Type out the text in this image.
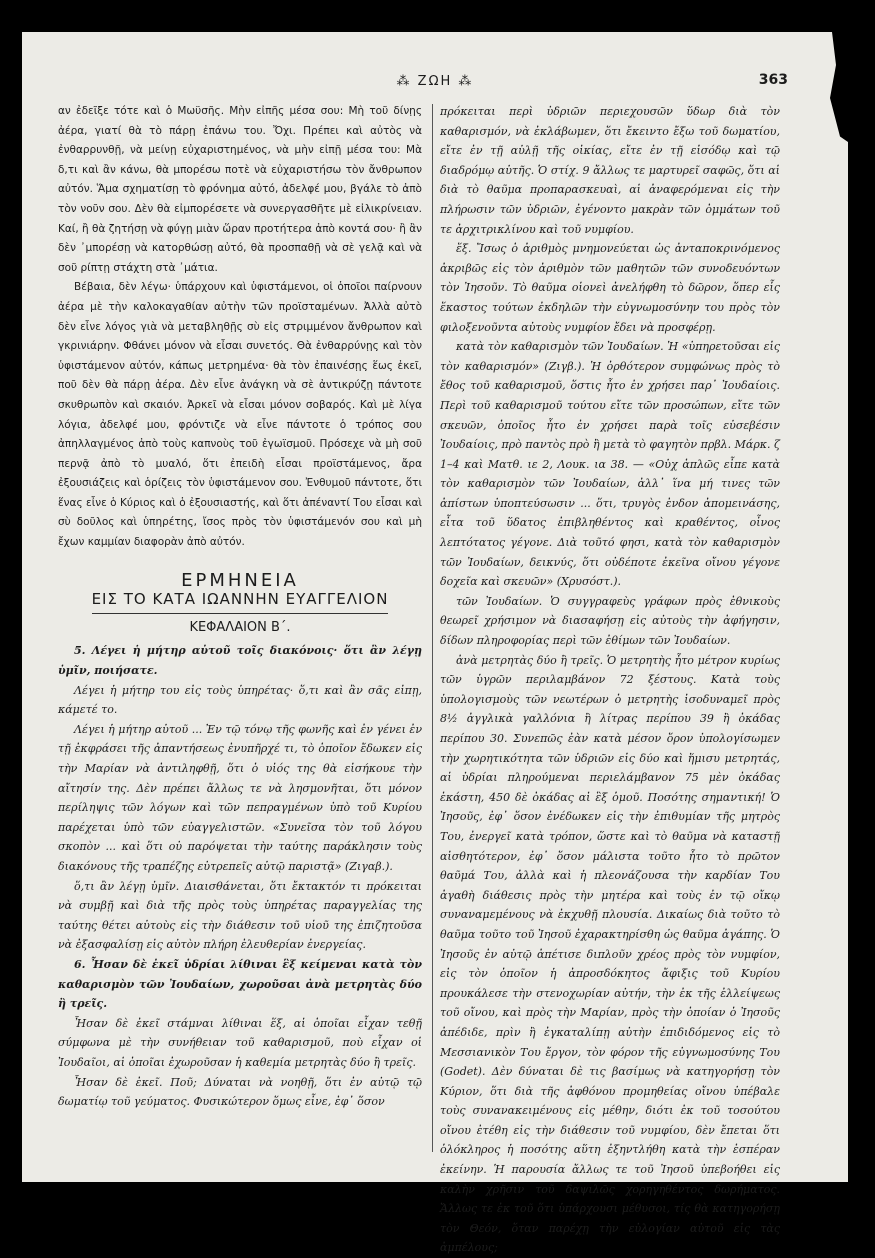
⁂ ΖΩΗ ⁂	363

αν ἐδεῖξε τότε καὶ ὁ Μωϋσῆς. Μὴν εἰπῆς μέσα σου: Μὴ τοῦ δίνῃς ἀέρα, γιατί θὰ τὸ πάρῃ ἐπάνω του. Ὄχι. Πρέπει καὶ αὐτὸς νὰ ἐνθαρρυνθῇ, νὰ μείνῃ εὐχαριστημένος, νὰ μὴν εἰπῇ μέσα του: Μὰ δ,τι καὶ ἂν κάνω, θὰ μπορέσω ποτὲ νὰ εὐχαριστήσω τὸν ἄνθρωπον αὐτόν. Ἅμα σχηματίσῃ τὸ φρόνημα αὐτό, ἀδελφέ μου, βγάλε τὸ ἀπὸ τὸν νοῦν σου. Δὲν θὰ εἰμπορέσετε νὰ συνεργασθῆτε μὲ εἰλικρίνειαν. Καί, ἢ θὰ ζητήσῃ νὰ φύγῃ μιὰν ὥραν προτήτερα ἀπὸ κοντά σου· ἢ ἂν δὲν ᾽μπορέσῃ νὰ κατορθώσῃ αὐτό, θὰ προσπαθῇ νὰ σὲ γελᾷ καὶ νὰ σοῦ ρίπτῃ στάχτη στὰ ᾽μάτια.

Βέβαια, δὲν λέγω· ὑπάρχουν καὶ ὑφιστάμενοι, οἱ ὁποῖοι παίρνουν ἀέρα μὲ τὴν καλοκαγαθίαν αὐτὴν τῶν προϊσταμένων. Ἀλλὰ αὐτὸ δὲν εἶνε λόγος γιὰ νὰ μεταβληθῇς σὺ εἰς στριμμένον ἄνθρωπον καὶ γκρινιάρην. Φθάνει μόνον νὰ εἶσαι συνετός. Θὰ ἐνθαρρύνῃς καὶ τὸν ὑφιστάμενον αὐτόν, κάπως μετρημένα· θὰ τὸν ἐπαινέσῃς ἕως ἐκεῖ, ποῦ δὲν θὰ πάρῃ ἀέρα. Δὲν εἶνε ἀνάγκη νὰ σὲ ἀντικρύζῃ πάντοτε σκυθρωπὸν καὶ σκαιόν. Ἀρκεῖ νὰ εἶσαι μόνον σοβαρός. Καὶ μὲ λίγα λόγια, ἀδελφέ μου, φρόντιζε νὰ εἶνε πάντοτε ὁ τρόπος σου ἀπηλλαγμένος ἀπὸ τοὺς καπνοὺς τοῦ ἐγωϊσμοῦ. Πρόσεχε νὰ μὴ σοῦ περνᾷ ἀπὸ τὸ μυαλό, ὅτι ἐπειδὴ εἶσαι προϊστάμενος, ἄρα ἐξουσιάζεις καὶ ὁρίζεις τὸν ὑφιστάμενον σου. Ἐνθυμοῦ πάντοτε, ὅτι ἕνας εἶνε ὁ Κύριος καὶ ὁ ἐξουσιαστής, καὶ ὅτι ἀπέναντί Του εἶσαι καὶ σὺ δοῦλος καὶ ὑπηρέτης, ἴσος πρὸς τὸν ὑφιστάμενόν σου καὶ μὴ ἔχων καμμίαν διαφορὰν ἀπὸ αὐτόν.

ΕΡΜΗΝΕΙΑ
ΕΙΣ ΤΟ ΚΑΤΑ ΙΩΑΝΝΗΝ ΕΥΑΓΓΕΛΙΟΝ
ΚΕΦΑΛΑΙΟΝ Β΄.

5. Λέγει ἡ μήτηρ αὐτοῦ τοῖς διακόνοις· ὅτι ἂν λέγῃ ὑμῖν, ποιήσατε.

Λέγει ἡ μήτηρ του εἰς τοὺς ὑπηρέτας· ὅ,τι καὶ ἂν σᾶς εἰπῃ, κάμετέ το.

Λέγει ἡ μήτηρ αὐτοῦ ... Ἐν τῷ τόνῳ τῆς φωνῆς καὶ ἐν γένει ἐν τῇ ἐκφράσει τῆς ἀπαντήσεως ἐνυπῆρχέ τι, τὸ ὁποῖον ἔδωκεν εἰς τὴν Μαρίαν νὰ ἀντιληφθῇ, ὅτι ὁ υἱός της θὰ εἰσήκουε τὴν αἴτησίν της. Δὲν πρέπει ἄλλως τε νὰ λησμονῆται, ὅτι μόνον περίληψις τῶν λόγων καὶ τῶν πεπραγμένων ὑπὸ τοῦ Κυρίου παρέχεται ὑπὸ τῶν εὐαγγελιστῶν. «Συνεῖσα τὸν τοῦ λόγου σκοπὸν ... καὶ ὅτι οὐ παρόψεται τὴν ταύτης παράκλησιν τοὺς διακόνους τῆς τραπέζης εὐτρεπεῖς αὐτῷ παριστᾷ» (Ζιγαβ.).

ὅ,τι ἂν λέγῃ ὑμῖν. Διαισθάνεται, ὅτι ἔκτακτόν τι πρόκειται νὰ συμβῇ καὶ διὰ τῆς πρὸς τοὺς ὑπηρέτας παραγγελίας της ταύτης θέτει αὐτοὺς εἰς τὴν διάθεσιν τοῦ υἱοῦ της ἐπιζητοῦσα νὰ ἐξασφαλίσῃ εἰς αὐτὸν πλήρη ἐλευθερίαν ἐνεργείας.

6. Ἦσαν δὲ ἐκεῖ ὑδρίαι λίθιναι ἓξ κείμεναι κατὰ τὸν καθαρισμὸν τῶν Ἰουδαίων, χωροῦσαι ἀνὰ μετρητὰς δύο ἢ τρεῖς.

Ἦσαν δὲ ἐκεῖ στάμναι λίθιναι ἕξ, αἱ ὁποῖαι εἶχαν τεθῇ σύμφωνα μὲ τὴν συνήθειαν τοῦ καθαρισμοῦ, ποὺ εἶχαν οἱ Ἰουδαῖοι, αἱ ὁποῖαι ἐχωροῦσαν ἡ καθεμία μετρητὰς δύο ἢ τρεῖς.

Ἦσαν δὲ ἐκεῖ. Ποῦ; Δύναται νὰ νοηθῇ, ὅτι ἐν αὐτῷ τῷ δωματίῳ τοῦ γεύματος. Φυσικώτερον ὅμως εἶνε, ἐφ᾽ ὅσον

πρόκειται περὶ ὑδριῶν περιεχουσῶν ὕδωρ διὰ τὸν καθαρισμόν, νὰ ἐκλάβωμεν, ὅτι ἔκειντο ἔξω τοῦ δωματίου, εἴτε ἐν τῇ αὐλῇ τῆς οἰκίας, εἴτε ἐν τῇ εἰσόδῳ καὶ τῷ διαδρόμῳ αὐτῆς. Ὁ στίχ. 9 ἄλλως τε μαρτυρεῖ σαφῶς, ὅτι αἱ διὰ τὸ θαῦμα προπαρασκευαὶ, αἱ ἀναφερόμεναι εἰς τὴν πλήρωσιν τῶν ὑδριῶν, ἐγένοντο μακρὰν τῶν ὀμμάτων τοῦ τε ἀρχιτρικλίνου καὶ τοῦ νυμφίου.

ἕξ. Ἴσως ὁ ἀριθμὸς μνημονεύεται ὡς ἀνταποκρινόμενος ἀκριβῶς εἰς τὸν ἀριθμὸν τῶν μαθητῶν τῶν συνοδευόντων τὸν Ἰησοῦν. Τὸ θαῦμα οἱονεὶ ἀνελήφθη τὸ δῶρον, ὅπερ εἷς ἕκαστος τούτων ἐκδηλῶν τὴν εὐγνωμοσύνην του πρὸς τὸν φιλοξενοῦντα αὐτοὺς νυμφίον ἔδει νὰ προσφέρῃ.

κατὰ τὸν καθαρισμὸν τῶν Ἰουδαίων. Ἡ «ὑπηρετοῦσαι εἰς τὸν καθαρισμόν» (Ζιγβ.). Ἡ ὀρθότερον συμφώνως πρὸς τὸ ἔθος τοῦ καθαρισμοῦ, ὅστις ἦτο ἐν χρήσει παρ᾽ Ἰουδαίοις. Περὶ τοῦ καθαρισμοῦ τούτου εἴτε τῶν προσώπων, εἴτε τῶν σκευῶν, ὁποῖος ἦτο ἐν χρήσει παρὰ τοῖς εὐσεβέσιν Ἰουδαίοις, πρὸ παντὸς πρὸ ἢ μετὰ τὸ φαγητὸν πρβλ. Μάρκ. ζ 1–4 καὶ Ματθ. ιε 2, Λουκ. ια 38. — «Οὐχ ἁπλῶς εἶπε κατὰ τὸν καθαρισμὸν τῶν Ἰουδαίων, ἀλλ᾽ ἵνα μή τινες τῶν ἀπίστων ὑποπτεύσωσιν ... ὅτι, τρυγὸς ἐνδον ἀπομεινάσης, εἶτα τοῦ ὕδατος ἐπιβληθέντος καὶ κραθέντος, οἶνος λεπτότατος γέγονε. Διὰ τοῦτό φησι, κατὰ τὸν καθαρισμὸν τῶν Ἰουδαίων, δεικνύς, ὅτι οὐδέποτε ἐκεῖνα οἴνου γέγονε δοχεῖα καὶ σκευῶν» (Χρυσόστ.).

τῶν Ἰουδαίων. Ὁ συγγραφεὺς γράφων πρὸς ἐθνικοὺς θεωρεῖ χρήσιμον νὰ διασαφήσῃ εἰς αὐτοὺς τὴν ἀφήγησιν, δίδων πληροφορίας περὶ τῶν ἐθίμων τῶν Ἰουδαίων.

ἀνὰ μετρητὰς δύο ἢ τρεῖς. Ὁ μετρητὴς ἦτο μέτρον κυρίως τῶν ὑγρῶν περιλαμβάνον 72 ξέστους. Κατὰ τοὺς ὑπολογισμοὺς τῶν νεωτέρων ὁ μετρητὴς ἰσοδυναμεῖ πρὸς 8½ ἀγγλικὰ γαλλόνια ἢ λίτρας περίπου 39 ἢ ὀκάδας περίπου 30. Συνεπῶς ἐὰν κατὰ μέσον ὅρον ὑπολογίσωμεν τὴν χωρητικότητα τῶν ὑδριῶν εἰς δύο καὶ ἥμισυ μετρητάς, αἱ ὑδρίαι πληρούμεναι περιελάμβανον 75 μὲν ὀκάδας ἑκάστη, 450 δὲ ὀκάδας αἱ ἓξ ὁμοῦ. Ποσότης σημαντική! Ὁ Ἰησοῦς, ἐφ᾽ ὅσον ἐνέδωκεν εἰς τὴν ἐπιθυμίαν τῆς μητρὸς Του, ἐνεργεῖ κατὰ τρόπον, ὥστε καὶ τὸ θαῦμα νὰ καταστῇ αἰσθητότερον, ἐφ᾽ ὅσον μάλιστα τοῦτο ἦτο τὸ πρῶτον θαῦμά Του, ἀλλὰ καὶ ἡ πλεονάζουσα τὴν καρδίαν Του ἀγαθὴ διάθεσις πρὸς τὴν μητέρα καὶ τοὺς ἐν τῷ οἴκῳ συναναμεμένους νὰ ἐκχυθῇ πλουσία. Δικαίως διὰ τοῦτο τὸ θαῦμα τοῦτο τοῦ Ἰησοῦ ἐχαρακτηρίσθη ὡς θαῦμα ἀγάπης. Ὁ Ἰησοῦς ἐν αὐτῷ ἀπέτισε διπλοῦν χρέος πρὸς τὸν νυμφίον, εἰς τὸν ὁποῖον ἡ ἀπροσδόκητος ἄφιξις τοῦ Κυρίου προυκάλεσε τὴν στενοχωρίαν αὐτήν, τὴν ἐκ τῆς ἐλλείψεως τοῦ οἴνου, καὶ πρὸς τὴν Μαρίαν, πρὸς τὴν ὁποίαν ὁ Ἰησοῦς ἀπέδιδε, πρὶν ἢ ἐγκαταλίπῃ αὐτὴν ἐπιδιδόμενος εἰς τὸ Μεσσιανικὸν Του ἔργον, τὸν φόρον τῆς εὐγνωμοσύνης Του (Godet). Δὲν δύναται δὲ τις βασίμως νὰ κατηγορήσῃ τὸν Κύριον, ὅτι διὰ τῆς ἀφθόνου προμηθείας οἴνου ὑπέβαλε τοὺς συνανακειμένους εἰς μέθην, διότι ἐκ τοῦ τοσούτου οἴνου ἐτέθη εἰς τὴν διάθεσιν τοῦ νυμφίου, δὲν ἔπεται ὅτι ὁλόκληρος ἡ ποσότης αὕτη ἐξηντλήθη κατὰ τὴν ἑσπέραν ἐκείνην. Ἡ παρουσία ἄλλως τε τοῦ Ἰησοῦ ὑπεβοήθει εἰς καλὴν χρῆσιν τοῦ δαψιλῶς χορηγηθέντος δωρήματος. Ἄλλως τε ἐκ τοῦ ὅτι ὑπάρχουσι μέθυσοι, τίς θὰ κατηγορήσῃ τὸν Θεόν, ὅταν παρέχῃ τὴν εὐλογίαν αὐτοῦ εἰς τὰς ἀμπέλους;
